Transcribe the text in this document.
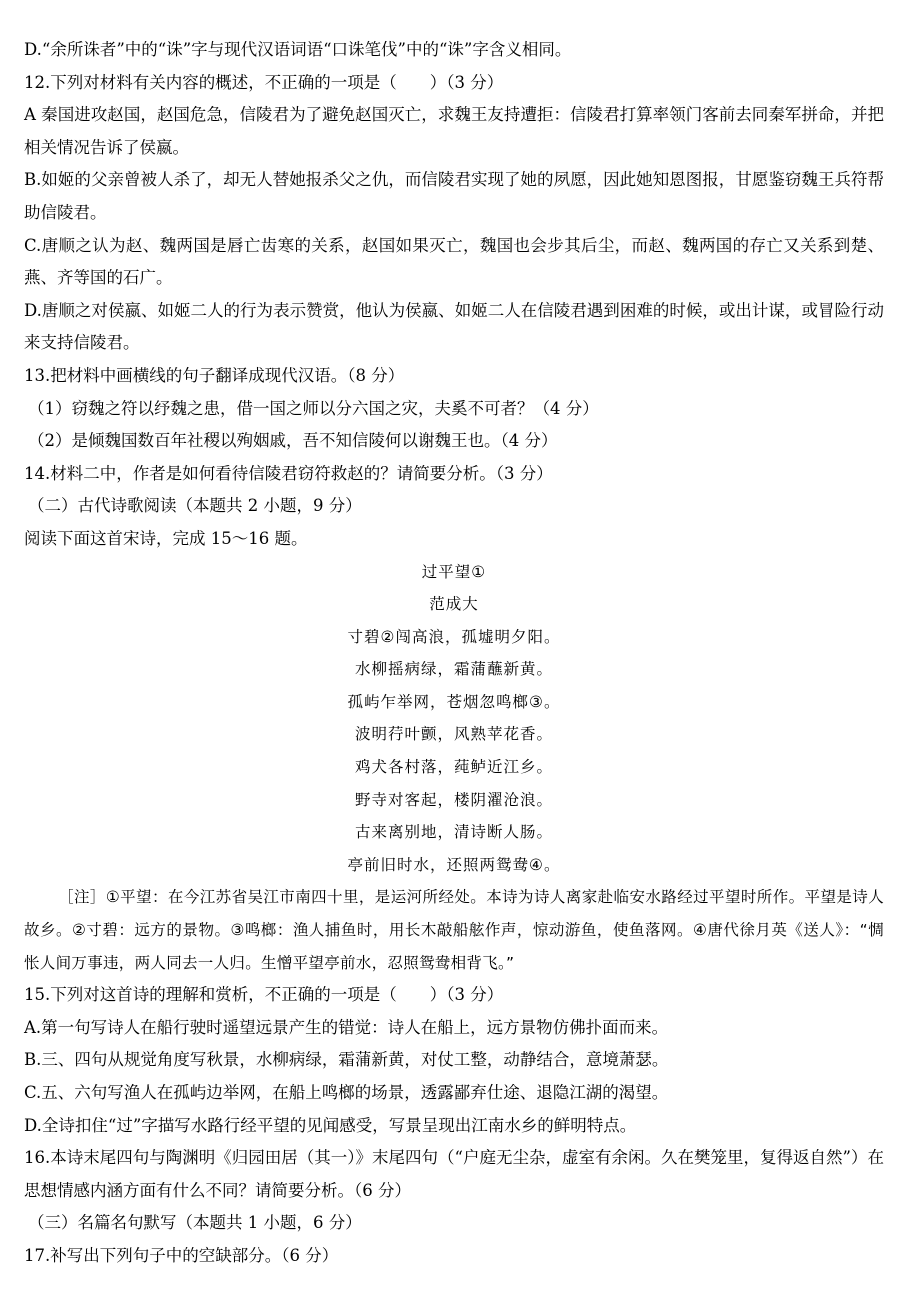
D.“余所诛者”中的“诛”字与现代汉语词语“口诛笔伐”中的“诛”字含义相同。
12.下列对材料有关内容的概述，不正确的一项是（　　）（3 分）
A 秦国进攻赵国，赵国危急，信陵君为了避免赵国灭亡，求魏王友持遭拒：信陵君打算率领门客前去同秦军拼命，并把相关情况告诉了侯嬴。
B.如姬的父亲曾被人杀了，却无人替她报杀父之仇，而信陵君实现了她的夙愿，因此她知恩图报，甘愿鉴窃魏王兵符帮助信陵君。
C.唐顺之认为赵、魏两国是唇亡齿寒的关系，赵国如果灭亡，魏国也会步其后尘，而赵、魏两国的存亡又关系到楚、燕、齐等国的石广。
D.唐顺之对侯嬴、如姬二人的行为表示赞赏，他认为侯嬴、如姬二人在信陵君遇到困难的时候，或出计谋，或冒险行动来支持信陵君。
13.把材料中画横线的句子翻译成现代汉语。（8 分）
（1）窃魏之符以纾魏之患，借一国之师以分六国之灾，夫奚不可者？（4 分）
（2）是倾魏国数百年社稷以殉姻戚，吾不知信陵何以谢魏王也。（4 分）
14.材料二中，作者是如何看待信陵君窃符救赵的？请简要分析。（3 分）
（二）古代诗歌阅读（本题共 2 小题，9 分）
阅读下面这首宋诗，完成 15～16 题。
过平望①
范成大
寸碧②闯高浪，孤墟明夕阳。
水柳摇病绿，霜蒲蘸新黄。
孤屿乍举网，苍烟忽鸣榔③。
波明荇叶颤，风熟苹花香。
鸡犬各村落，莼鲈近江乡。
野寺对客起，楼阴濯沧浪。
古来离别地，清诗断人肠。
亭前旧时水，还照两鸳鸯④。
［注］①平望：在今江苏省吴江市南四十里，是运河所经处。本诗为诗人离家赴临安水路经过平望时所作。平望是诗人故乡。②寸碧：远方的景物。③鸣榔：渔人捕鱼时，用长木敲船舷作声，惊动游鱼，使鱼落网。④唐代徐月英《送人》：“惆怅人间万事违，两人同去一人归。生憎平望亭前水，忍照鸳鸯相背飞。”
15.下列对这首诗的理解和赏析，不正确的一项是（　　）（3 分）
A.第一句写诗人在船行驶时遥望远景产生的错觉：诗人在船上，远方景物仿佛扑面而来。
B.三、四句从规觉角度写秋景，水柳病绿，霜蒲新黄，对仗工整，动静结合，意境萧瑟。
C.五、六句写渔人在孤屿边举网，在船上鸣榔的场景，透露鄙弃仕途、退隐江湖的渴望。
D.全诗扣住“过”字描写水路行经平望的见闻感受，写景呈现出江南水乡的鲜明特点。
16.本诗末尾四句与陶渊明《归园田居（其一）》末尾四句（“户庭无尘杂，虚室有余闲。久在樊笼里，复得返自然”）在思想情感内涵方面有什么不同？请简要分析。（6 分）
（三）名篇名句默写（本题共 1 小题，6 分）
17.补写出下列句子中的空缺部分。（6 分）
